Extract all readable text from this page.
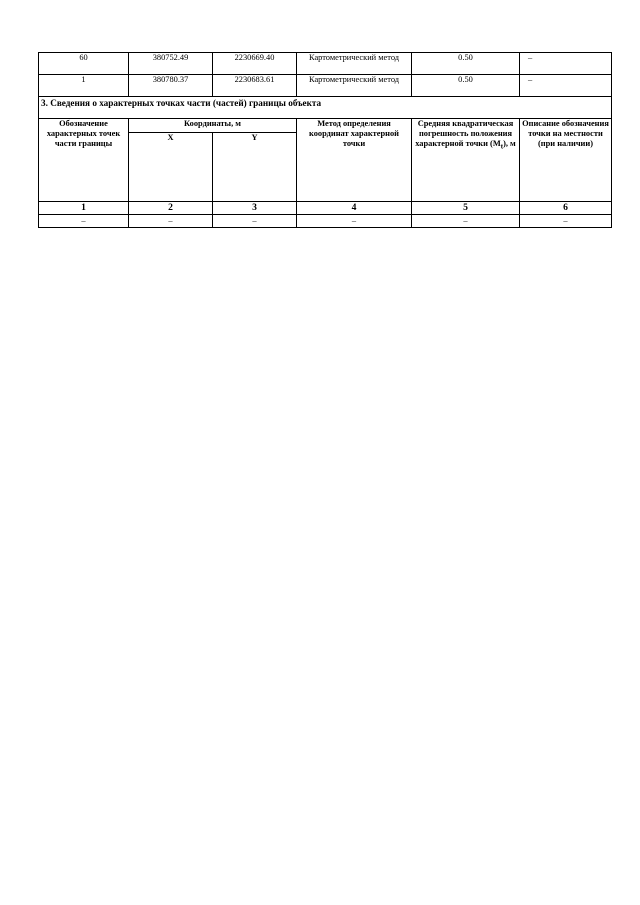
60	380752.49	2230669.40	Картометрический метод	0.50	–
1	380780.37	2230683.61	Картометрический метод	0.50	–
3. Сведения о характерных точках части (частей) границы объекта					
Обозначение характерных точек части границы	Координаты, м		Метод определения координат характерной точки	Средняя квадратическая погрешность положения характерной точки $(M_t)$, м	Описание обозначения точки на местности (при наличии)
	X	Y			
1	2	3	4	5	6
–	–	–	–	–	–
